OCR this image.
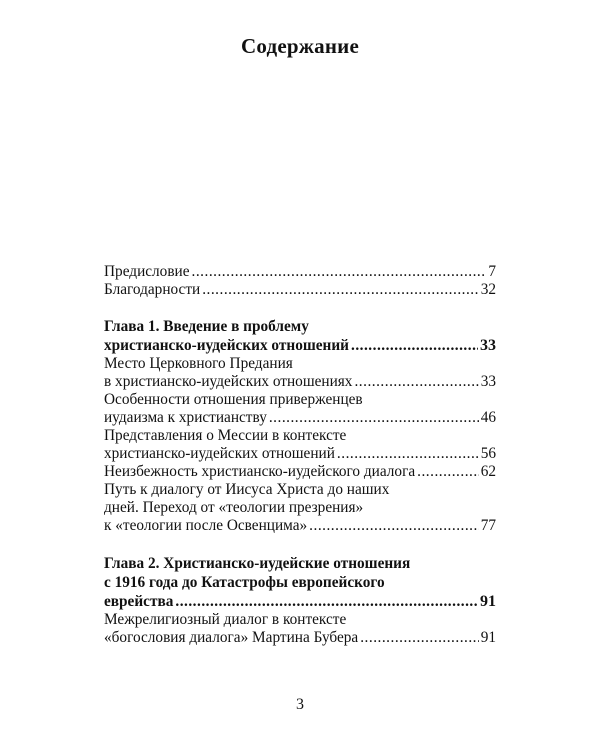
Содержание
Предисловие .....	7
Благодарности .....	32
Глава 1. Введение в проблему
христианско-иудейских отношений .....	33
Место Церковного Предания
в христианско-иудейских отношениях .....	33
Особенности отношения приверженцев
иудаизма к христианству .....	46
Представления о Мессии в контексте
христианско-иудейских отношений .....	56
Неизбежность христианско-иудейского диалога .....	62
Путь к диалогу от Иисуса Христа до наших
дней. Переход от «теологии презрения»
к «теологии после Освенцима» .....	77
Глава 2. Христианско-иудейские отношения
с 1916 года до Катастрофы европейского
еврейства .....	91
Межрелигиозный диалог в контексте
«богословия диалога» Мартина Бубера .....	91
3
